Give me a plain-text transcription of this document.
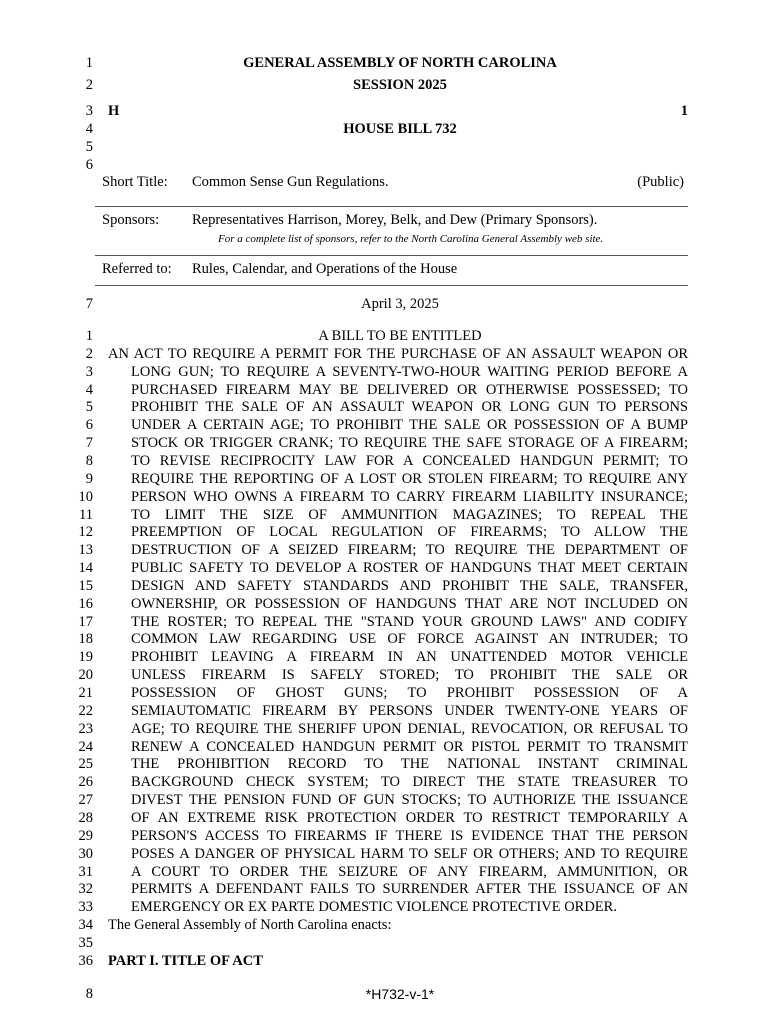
1
2
3
4
5
6
GENERAL ASSEMBLY OF NORTH CAROLINA
SESSION 2025
H	1
HOUSE BILL 732
Short Title: Common Sense Gun Regulations.	(Public)
Sponsors: Representatives Harrison, Morey, Belk, and Dew (Primary Sponsors).
For a complete list of sponsors, refer to the North Carolina General Assembly web site.
Referred to: Rules, Calendar, and Operations of the House
7	April 3, 2025
1	A BILL TO BE ENTITLED
2 AN ACT TO REQUIRE A PERMIT FOR THE PURCHASE OF AN ASSAULT WEAPON OR
3	LONG GUN; TO REQUIRE A SEVENTY-TWO-HOUR WAITING PERIOD BEFORE A
4	PURCHASED FIREARM MAY BE DELIVERED OR OTHERWISE POSSESSED; TO
5	PROHIBIT THE SALE OF AN ASSAULT WEAPON OR LONG GUN TO PERSONS
6	UNDER A CERTAIN AGE; TO PROHIBIT THE SALE OR POSSESSION OF A BUMP
7	STOCK OR TRIGGER CRANK; TO REQUIRE THE SAFE STORAGE OF A FIREARM;
8	TO REVISE RECIPROCITY LAW FOR A CONCEALED HANDGUN PERMIT; TO
9	REQUIRE THE REPORTING OF A LOST OR STOLEN FIREARM; TO REQUIRE ANY
10	PERSON WHO OWNS A FIREARM TO CARRY FIREARM LIABILITY INSURANCE;
11	TO LIMIT THE SIZE OF AMMUNITION MAGAZINES; TO REPEAL THE
12	PREEMPTION OF LOCAL REGULATION OF FIREARMS; TO ALLOW THE
13	DESTRUCTION OF A SEIZED FIREARM; TO REQUIRE THE DEPARTMENT OF
14	PUBLIC SAFETY TO DEVELOP A ROSTER OF HANDGUNS THAT MEET CERTAIN
15	DESIGN AND SAFETY STANDARDS AND PROHIBIT THE SALE, TRANSFER,
16	OWNERSHIP, OR POSSESSION OF HANDGUNS THAT ARE NOT INCLUDED ON
17	THE ROSTER; TO REPEAL THE "STAND YOUR GROUND LAWS" AND CODIFY
18	COMMON LAW REGARDING USE OF FORCE AGAINST AN INTRUDER; TO
19	PROHIBIT LEAVING A FIREARM IN AN UNATTENDED MOTOR VEHICLE
20	UNLESS FIREARM IS SAFELY STORED; TO PROHIBIT THE SALE OR
21	POSSESSION OF GHOST GUNS; TO PROHIBIT POSSESSION OF A
22	SEMIAUTOMATIC FIREARM BY PERSONS UNDER TWENTY-ONE YEARS OF
23	AGE; TO REQUIRE THE SHERIFF UPON DENIAL, REVOCATION, OR REFUSAL TO
24	RENEW A CONCEALED HANDGUN PERMIT OR PISTOL PERMIT TO TRANSMIT
25	THE PROHIBITION RECORD TO THE NATIONAL INSTANT CRIMINAL
26	BACKGROUND CHECK SYSTEM; TO DIRECT THE STATE TREASURER TO
27	DIVEST THE PENSION FUND OF GUN STOCKS; TO AUTHORIZE THE ISSUANCE
28	OF AN EXTREME RISK PROTECTION ORDER TO RESTRICT TEMPORARILY A
29	PERSON'S ACCESS TO FIREARMS IF THERE IS EVIDENCE THAT THE PERSON
30	POSES A DANGER OF PHYSICAL HARM TO SELF OR OTHERS; AND TO REQUIRE
31	A COURT TO ORDER THE SEIZURE OF ANY FIREARM, AMMUNITION, OR
32	PERMITS A DEFENDANT FAILS TO SURRENDER AFTER THE ISSUANCE OF AN
33	EMERGENCY OR EX PARTE DOMESTIC VIOLENCE PROTECTIVE ORDER.
34 The General Assembly of North Carolina enacts:
35
36 PART I. TITLE OF ACT
8	*H732-v-1*
